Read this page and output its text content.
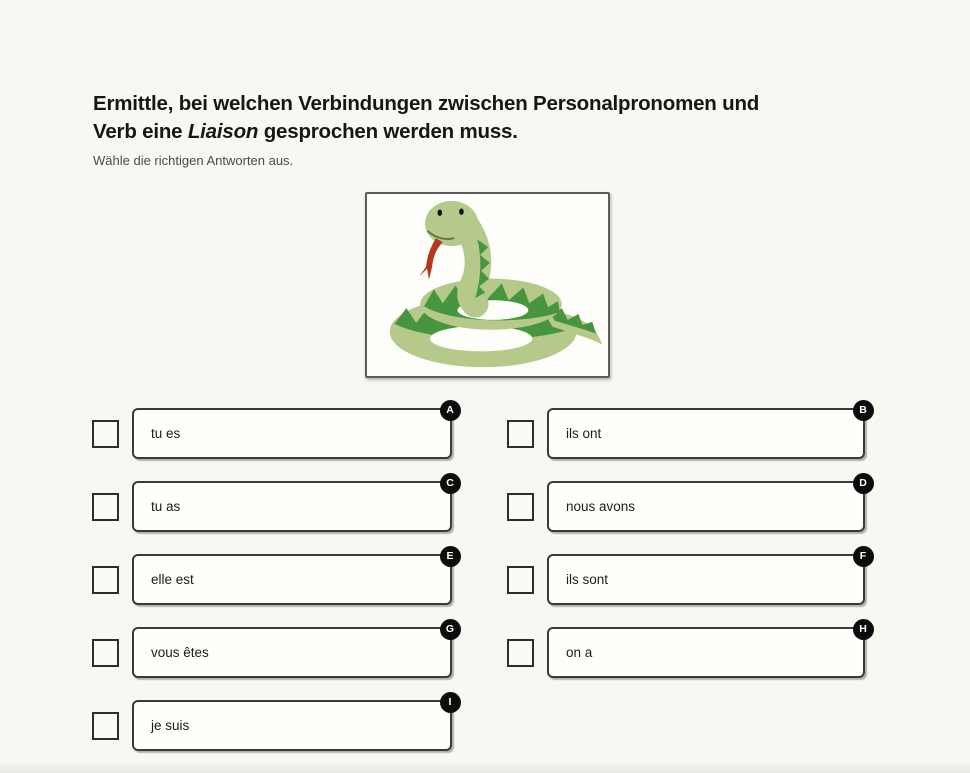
Ermittle, bei welchen Verbindungen zwischen Personalpronomen und
Verb eine Liaison gesprochen werden muss.
Wähle die richtigen Antworten aus.
tu es
A
ils ont
B
tu as
C
nous avons
D
elle est
E
ils sont
F
vous êtes
G
on a
H
je suis
I
